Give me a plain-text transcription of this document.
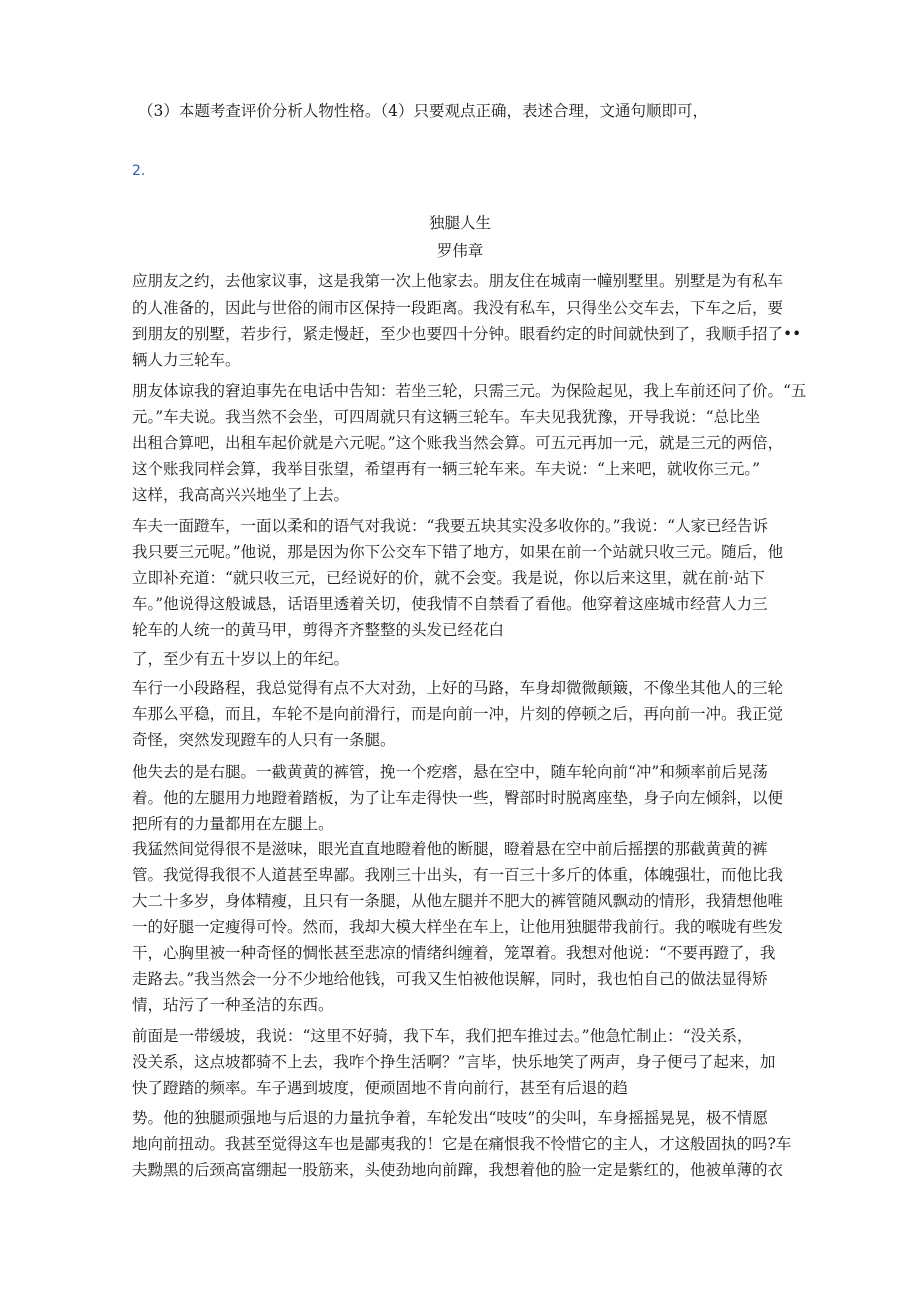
（3）本题考查评价分析人物性格。（4）只要观点正确，表述合理，文通句顺即可，
2.
独腿人生
罗伟章
应朋友之约，去他家议事，这是我第一次上他家去。朋友住在城南一幢别墅里。别墅是为有私车
的人准备的，因此与世俗的闹市区保持一段距离。我没有私车，只得坐公交车去，下车之后，要
到朋友的别墅，若步行，紧走慢赶，至少也要四十分钟。眼看约定的时间就快到了，我顺手招了••
辆人力三轮车。
朋友体谅我的窘迫事先在电话中告知：若坐三轮，只需三元。为保险起见，我上车前还问了价。“五
元。”车夫说。我当然不会坐，可四周就只有这辆三轮车。车夫见我犹豫，开导我说：“总比坐
出租合算吧，出租车起价就是六元呢。”这个账我当然会算。可五元再加一元，就是三元的两倍，
这个账我同样会算，我举目张望，希望再有一辆三轮车来。车夫说：“上来吧，就收你三元。”
这样，我高高兴兴地坐了上去。
车夫一面蹬车，一面以柔和的语气对我说：“我要五块其实没多收你的。”我说：“人家已经告诉
我只要三元呢。”他说，那是因为你下公交车下错了地方，如果在前一个站就只收三元。随后，他
立即补充道：“就只收三元，已经说好的价，就不会变。我是说，你以后来这里，就在前·站下
车。”他说得这般诚恳，话语里透着关切，使我情不自禁看了看他。他穿着这座城市经营人力三
轮车的人统一的黄马甲，剪得齐齐整整的头发已经花白
了，至少有五十岁以上的年纪。
车行一小段路程，我总觉得有点不大对劲，上好的马路，车身却微微颠簸，不像坐其他人的三轮
车那么平稳，而且，车轮不是向前滑行，而是向前一冲，片刻的停顿之后，再向前一冲。我正觉
奇怪，突然发现蹬车的人只有一条腿。
他失去的是右腿。一截黄黄的裤管，挽一个疙瘩，悬在空中，随车轮向前“冲”和频率前后晃荡
着。他的左腿用力地蹬着踏板，为了让车走得快一些，臀部时时脱离座垫，身子向左倾斜，以便
把所有的力量都用在左腿上。
我猛然间觉得很不是滋味，眼光直直地瞪着他的断腿，瞪着悬在空中前后摇摆的那截黄黄的裤
管。我觉得我很不人道甚至卑鄙。我刚三十出头，有一百三十多斤的体重，体魄强壮，而他比我
大二十多岁，身体精瘦，且只有一条腿，从他左腿并不肥大的裤管随风飘动的情形，我猜想他唯
一的好腿一定瘦得可怜。然而，我却大模大样坐在车上，让他用独腿带我前行。我的喉咙有些发
干，心胸里被一种奇怪的惆怅甚至悲凉的情绪纠缠着，笼罩着。我想对他说：“不要再蹬了，我
走路去。”我当然会一分不少地给他钱，可我又生怕被他误解，同时，我也怕自己的做法显得矫
情，玷污了一种圣洁的东西。
前面是一带缓坡，我说：“这里不好骑，我下车，我们把车推过去。”他急忙制止：“没关系，
没关系，这点坡都骑不上去，我咋个挣生活啊？”言毕，快乐地笑了两声，身子便弓了起来，加
快了蹬踏的频率。车子遇到坡度，便顽固地不肯向前行，甚至有后退的趋
势。他的独腿顽强地与后退的力量抗争着，车轮发出“吱吱”的尖叫，车身摇摇晃晃，极不情愿
地向前扭动。我甚至觉得这车也是鄙夷我的！它是在痛恨我不怜惜它的主人，才这般固执的吗?车
夫黝黑的后颈高富绷起一股筋来，头使劲地向前蹿，我想着他的脸一定是紫红的，他被单薄的衣
